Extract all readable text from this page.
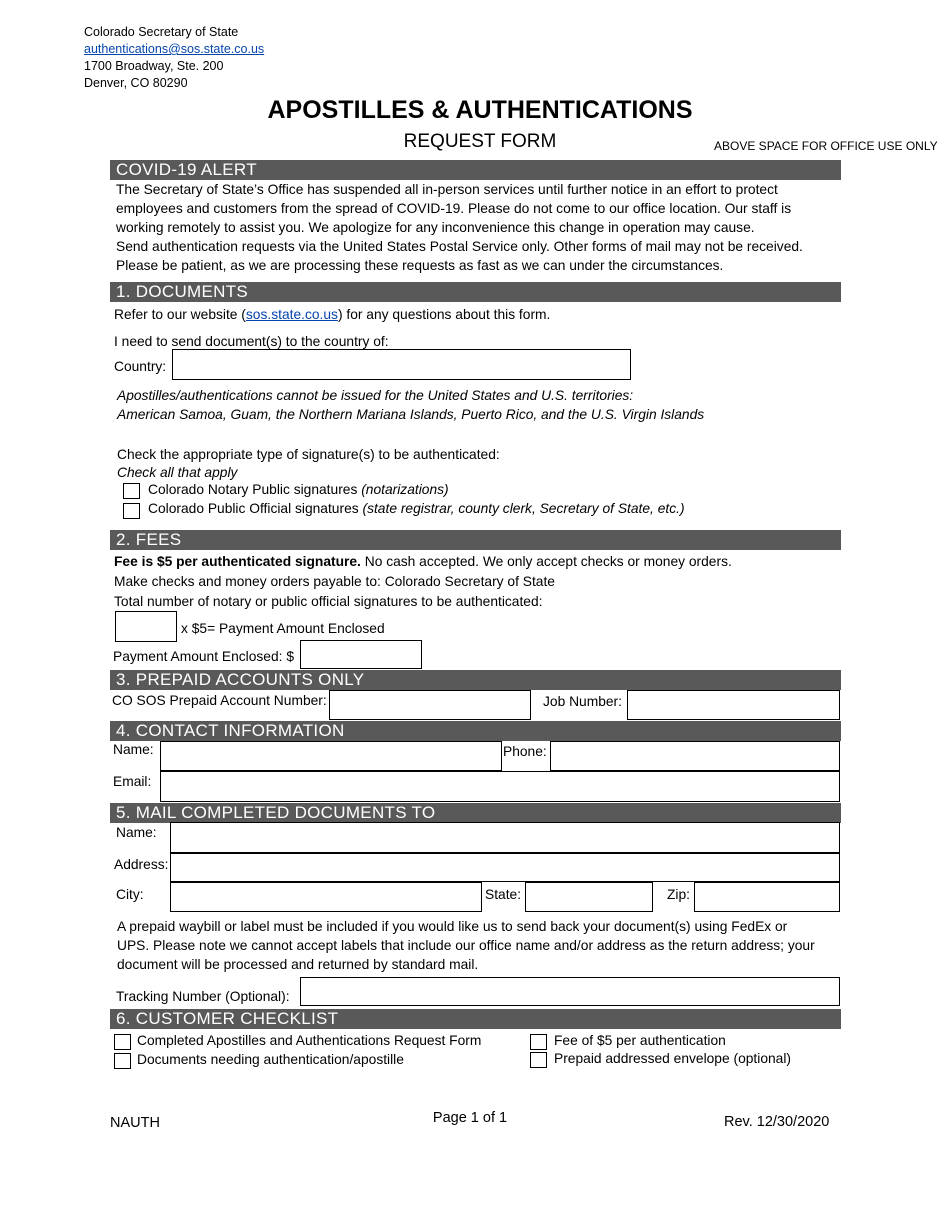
Colorado Secretary of State
authentications@sos.state.co.us
1700 Broadway, Ste. 200
Denver, CO 80290
APOSTILLES & AUTHENTICATIONS
REQUEST FORM	ABOVE SPACE FOR OFFICE USE ONLY
COVID-19 ALERT
The Secretary of State’s Office has suspended all in-person services until further notice in an effort to protect
employees and customers from the spread of COVID-19. Please do not come to our office location. Our staff is
working remotely to assist you. We apologize for any inconvenience this change in operation may cause.
Send authentication requests via the United States Postal Service only. Other forms of mail may not be received.
Please be patient, as we are processing these requests as fast as we can under the circumstances.
1. DOCUMENTS
Refer to our website (sos.state.co.us) for any questions about this form.
I need to send document(s) to the country of:
Country:
Apostilles/authentications cannot be issued for the United States and U.S. territories:
American Samoa, Guam, the Northern Mariana Islands, Puerto Rico, and the U.S. Virgin Islands
Check the appropriate type of signature(s) to be authenticated:
Check all that apply
Colorado Notary Public signatures (notarizations)
Colorado Public Official signatures (state registrar, county clerk, Secretary of State, etc.)
2. FEES
Fee is $5 per authenticated signature. No cash accepted. We only accept checks or money orders.
Make checks and money orders payable to: Colorado Secretary of State
Total number of notary or public official signatures to be authenticated:
x $5= Payment Amount Enclosed
Payment Amount Enclosed: $
3. PREPAID ACCOUNTS ONLY
CO SOS Prepaid Account Number:	Job Number:
4. CONTACT INFORMATION
Name:	Phone:
Email:
5. MAIL COMPLETED DOCUMENTS TO
Name:
Address:
City:	State:	Zip:
A prepaid waybill or label must be included if you would like us to send back your document(s) using FedEx or
UPS. Please note we cannot accept labels that include our office name and/or address as the return address; your
document will be processed and returned by standard mail.
Tracking Number (Optional):
6. CUSTOMER CHECKLIST
Completed Apostilles and Authentications Request Form
Documents needing authentication/apostille
Fee of $5 per authentication
Prepaid addressed envelope (optional)
NAUTH	Page 1 of 1	Rev. 12/30/2020
